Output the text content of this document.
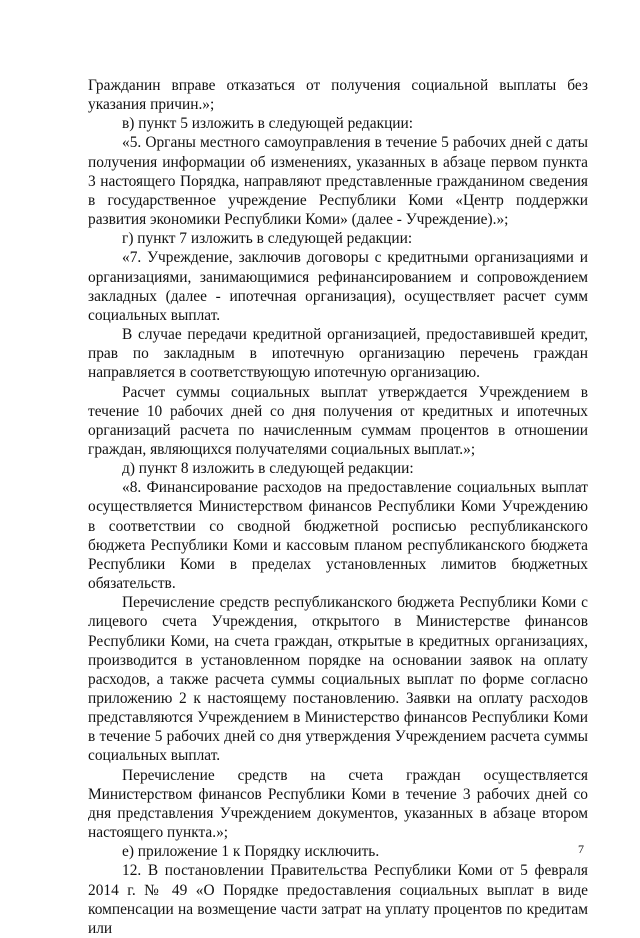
Гражданин вправе отказаться от получения социальной выплаты без указания причин.»;

в) пункт 5 изложить в следующей редакции:

«5. Органы местного самоуправления в течение 5 рабочих дней с даты получения информации об изменениях, указанных в абзаце первом пункта 3 настоящего Порядка, направляют представленные гражданином сведения в государственное учреждение Республики Коми «Центр поддержки развития экономики Республики Коми» (далее - Учреждение).»;

г) пункт 7 изложить в следующей редакции:

«7. Учреждение, заключив договоры с кредитными организациями и организациями, занимающимися рефинансированием и сопровождением закладных (далее - ипотечная организация), осуществляет расчет сумм социальных выплат.

В случае передачи кредитной организацией, предоставившей кредит, прав по закладным в ипотечную организацию перечень граждан направляется в соответствующую ипотечную организацию.

Расчет суммы социальных выплат утверждается Учреждением в течение 10 рабочих дней со дня получения от кредитных и ипотечных организаций расчета по начисленным суммам процентов в отношении граждан, являющихся получателями социальных выплат.»;

д) пункт 8 изложить в следующей редакции:

«8. Финансирование расходов на предоставление социальных выплат осуществляется Министерством финансов Республики Коми Учреждению в соответствии со сводной бюджетной росписью республиканского бюджета Республики Коми и кассовым планом республиканского бюджета Республики Коми в пределах установленных лимитов бюджетных обязательств.

Перечисление средств республиканского бюджета Республики Коми с лицевого счета Учреждения, открытого в Министерстве финансов Республики Коми, на счета граждан, открытые в кредитных организациях, производится в установленном порядке на основании заявок на оплату расходов, а также расчета суммы социальных выплат по форме согласно приложению 2 к настоящему постановлению. Заявки на оплату расходов представляются Учреждением в Министерство финансов Республики Коми в течение 5 рабочих дней со дня утверждения Учреждением расчета суммы социальных выплат.

Перечисление средств на счета граждан осуществляется Министерством финансов Республики Коми в течение 3 рабочих дней со дня представления Учреждением документов, указанных в абзаце втором настоящего пункта.»;

е) приложение 1 к Порядку исключить.

12. В постановлении Правительства Республики Коми от 5 февраля 2014 г. № 49 «О Порядке предоставления социальных выплат в виде компенсации на возмещение части затрат на уплату процентов по кредитам или

7
